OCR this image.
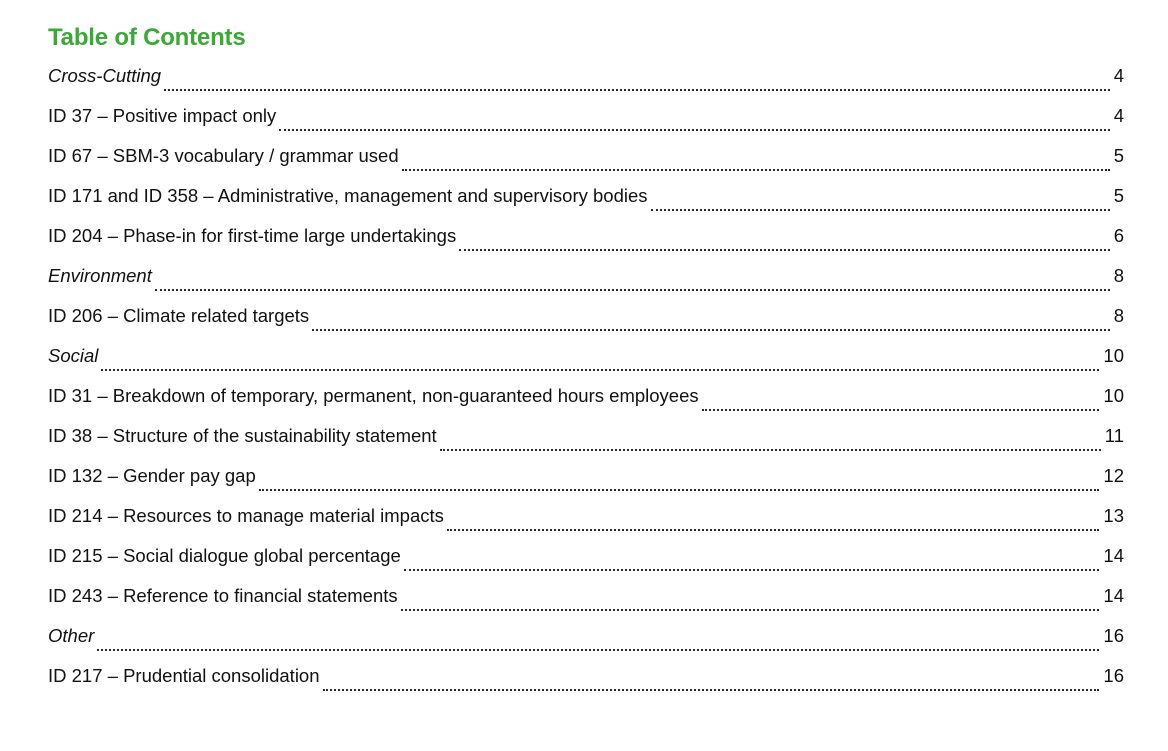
Table of Contents
Cross-Cutting	4
ID 37 – Positive impact only	4
ID 67 – SBM-3 vocabulary / grammar used	5
ID 171 and ID 358 – Administrative, management and supervisory bodies	5
ID 204 – Phase-in for first-time large undertakings	6
Environment	8
ID 206 – Climate related targets	8
Social	10
ID 31 – Breakdown of temporary, permanent, non-guaranteed hours employees	10
ID 38 – Structure of the sustainability statement	11
ID 132 – Gender pay gap	12
ID 214 – Resources to manage material impacts	13
ID 215 – Social dialogue global percentage	14
ID 243 – Reference to financial statements	14
Other	16
ID 217 – Prudential consolidation	16
